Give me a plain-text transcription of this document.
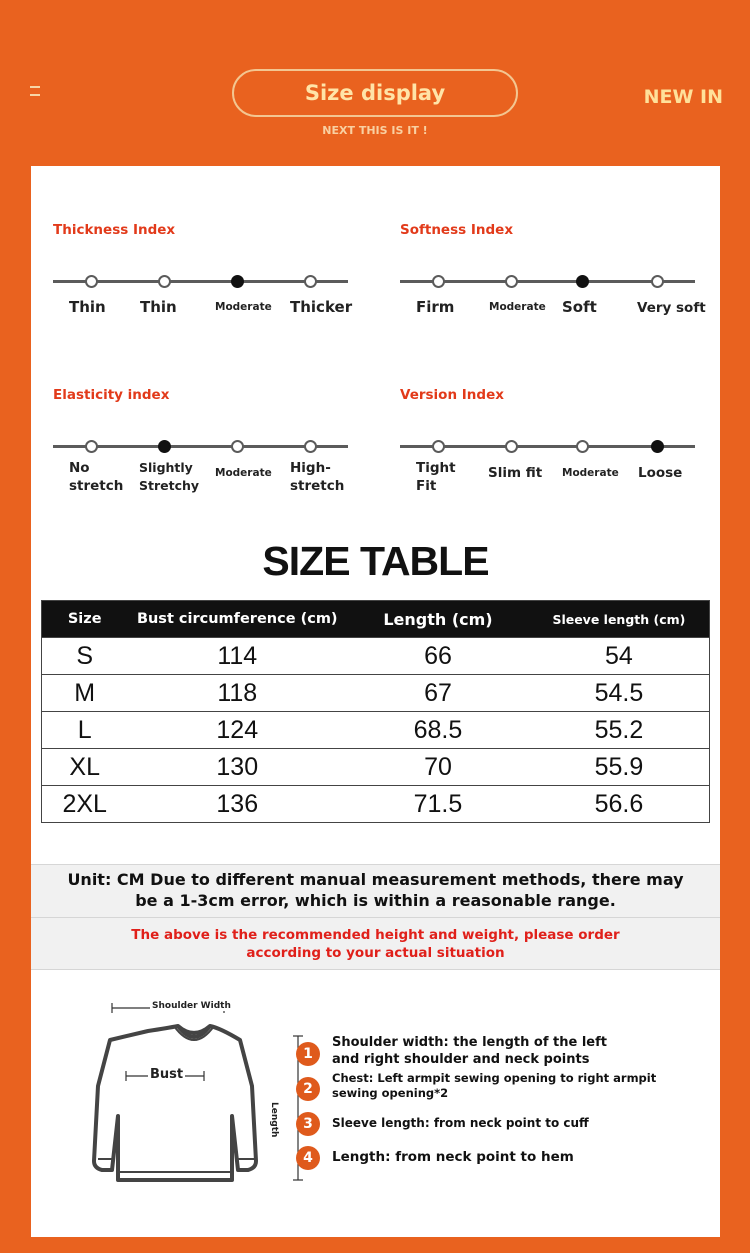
Size display
NEXT THIS IS IT !
NEW IN
Thickness Index
Thin Thin	Moderate Thicker
Softness Index
Firm	Moderate Soft	Very soft
Elasticity index
No
stretch
Slightly
Stretchy
Moderate High-
stretch
Version Index
Tight
Fit
Slim fit Moderate Loose
SIZE TABLE
Size	Bust circumference (cm)	Length (cm)	Sleeve length (cm)
S	114	66	54
M	118	67	54.5
L	124	68.5	55.2
XL	130	70	55.9
2XL	136	71.5	56.6
Unit: CM Due to different manual measurement methods, there may
be a 1-3cm error, which is within a reasonable range.
The above is the recommended height and weight, please order
according to your actual situation
Shoulder Width
Bust
Length
1
Shoulder width: the length of the left
and right shoulder and neck points
2
Chest: Left armpit sewing opening to right armpit
sewing opening*2
3	Sleeve length: from neck point to cuff
4	Length: from neck point to hem
